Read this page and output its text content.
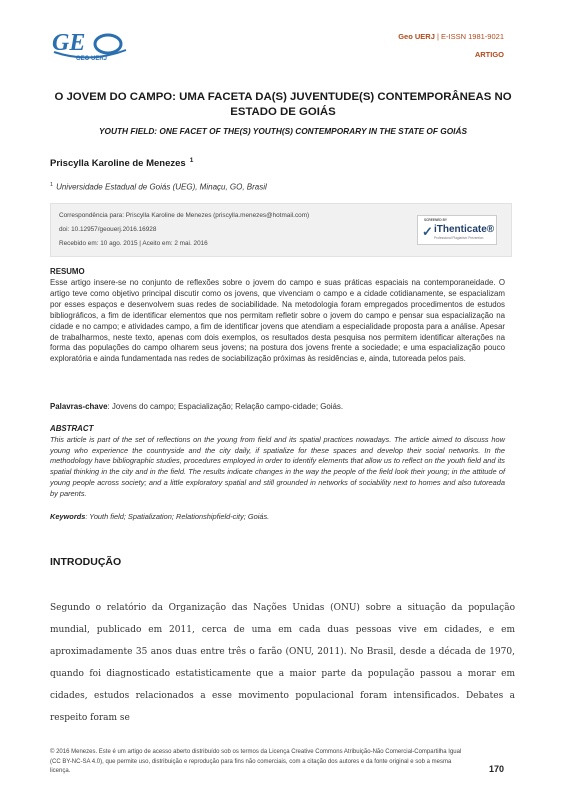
GE
GEO UERJ
Geo UERJ | E-ISSN 1981-9021
ARTIGO
O JOVEM DO CAMPO: UMA FACETA DA(S) JUVENTUDE(S) CONTEMPORÂNEAS NO ESTADO DE GOIÁS
YOUTH FIELD: ONE FACET OF THE(S) YOUTH(S) CONTEMPORARY IN THE STATE OF GOIÁS
Priscylla Karoline de Menezes $^1$
$^1$ Universidade Estadual de Goiás (UEG), Minaçu, GO, Brasil
Correspondência para: Priscylla Karoline de Menezes (priscylla.menezes@hotmail.com)
doi: 10.12957/geouerj.2016.16928
Recebido em: 10 ago. 2015 | Aceito em: 2 mai. 2016
SCREENED BY
✓ iThenticate®
Professional Plagiarism Prevention
RESUMO
Esse artigo insere-se no conjunto de reflexões sobre o jovem do campo e suas práticas espaciais na contemporaneidade. O artigo teve como objetivo principal discutir como os jovens, que vivenciam o campo e a cidade cotidianamente, se espacializam por esses espaços e desenvolvem suas redes de sociabilidade. Na metodologia foram empregados procedimentos de estudos bibliográficos, a fim de identificar elementos que nos permitam refletir sobre o jovem do campo e pensar sua espacialização na cidade e no campo; e atividades campo, a fim de identificar jovens que atendiam a especialidade proposta para a análise. Apesar de trabalharmos, neste texto, apenas com dois exemplos, os resultados desta pesquisa nos permitem identificar alterações na forma das populações do campo olharem seus jovens; na postura dos jovens frente a sociedade; e uma espacialização pouco exploratória e ainda fundamentada nas redes de sociabilização próximas às residências e, ainda, tutoreada pelos pais.
Palavras-chave: Jovens do campo; Espacialização; Relação campo-cidade; Goiás.
ABSTRACT
This article is part of the set of reflections on the young from field and its spatial practices nowadays. The article aimed to discuss how young who experience the countryside and the city daily, if spatialize for these spaces and develop their social networks. In the methodology have bibliographic studies, procedures employed in order to identify elements that allow us to reflect on the youth field and its spatial thinking in the city and in the field. The results indicate changes in the way the people of the field look their young; in the attitude of young people across society; and a little exploratory spatial and still grounded in networks of sociability next to homes and also tutoreada by parents.
Keywords: Youth field; Spatialization; Relationshipfield-city; Goiás.
INTRODUÇÃO
Segundo o relatório da Organização das Nações Unidas (ONU) sobre a situação da população mundial, publicado em 2011, cerca de uma em cada duas pessoas vive em cidades, e em aproximadamente 35 anos duas entre três o farão (ONU, 2011). No Brasil, desde a década de 1970, quando foi diagnosticado estatisticamente que a maior parte da população passou a morar em cidades, estudos relacionados a esse movimento populacional foram intensificados. Debates a respeito foram se
© 2016 Menezes. Este é um artigo de acesso aberto distribuído sob os termos da Licença Creative Commons Atribuição-Não Comercial-Compartilha Igual (CC BY-NC-SA 4.0), que permite uso, distribuição e reprodução para fins não comerciais, com a citação dos autores e da fonte original e sob a mesma licença.	170
